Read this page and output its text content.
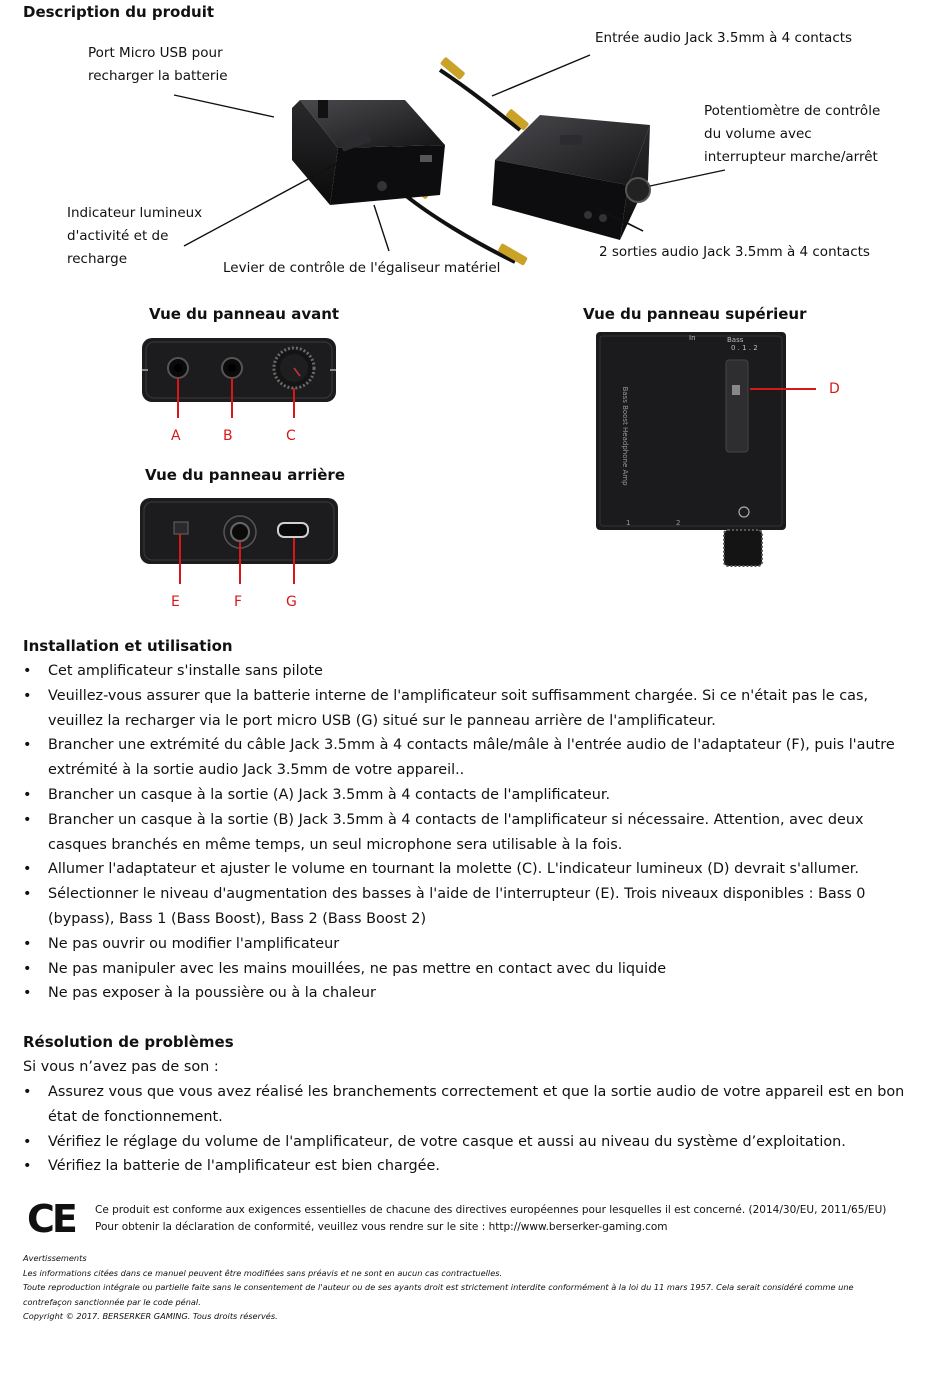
Description du produit
Port Micro USB pour
recharger la batterie
Entrée audio Jack 3.5mm à 4 contacts
Potentiomètre de contrôle
du volume avec
interrupteur marche/arrêt
Indicateur lumineux
d'activité et de
recharge
Levier de contrôle de l'égaliseur matériel
2 sorties audio Jack 3.5mm à 4 contacts
Vue du panneau avant
Vue du panneau arrière
Vue du panneau supérieur
A	B	C
E	F	G
Bass
0 . 1 . 2
In
Bass Boost Headphone Amp
1	2
D
Installation et utilisation
• Cet amplificateur s'installe sans pilote
• Veuillez-vous assurer que la batterie interne de l'amplificateur soit suffisamment chargée. Si ce n'était pas le cas,
veuillez la recharger via le port micro USB (G) situé sur le panneau arrière de l'amplificateur.
• Brancher une extrémité du câble Jack 3.5mm à 4 contacts mâle/mâle à l'entrée audio de l'adaptateur (F), puis l'autre
extrémité à la sortie audio Jack 3.5mm de votre appareil..
• Brancher un casque à la sortie (A) Jack 3.5mm à 4 contacts de l'amplificateur.
• Brancher un casque à la sortie (B) Jack 3.5mm à 4 contacts de l'amplificateur si nécessaire. Attention, avec deux
casques branchés en même temps, un seul microphone sera utilisable à la fois.
• Allumer l'adaptateur et ajuster le volume en tournant la molette (C). L'indicateur lumineux (D) devrait s'allumer.
• Sélectionner le niveau d'augmentation des basses à l'aide de l'interrupteur (E). Trois niveaux disponibles : Bass 0
(bypass), Bass 1 (Bass Boost), Bass 2 (Bass Boost 2)
• Ne pas ouvrir ou modifier l'amplificateur
• Ne pas manipuler avec les mains mouillées, ne pas mettre en contact avec du liquide
• Ne pas exposer à la poussière ou à la chaleur
Résolution de problèmes
Si vous n’avez pas de son :
• Assurez vous que vous avez réalisé les branchements correctement et que la sortie audio de votre appareil est en bon
état de fonctionnement.
• Vérifiez le réglage du volume de l'amplificateur, de votre casque et aussi au niveau du système d’exploitation.
• Vérifiez la batterie de l'amplificateur est bien chargée.
CE Ce produit est conforme aux exigences essentielles de chacune des directives européennes pour lesquelles il est concerné. (2014/30/EU, 2011/65/EU)
Pour obtenir la déclaration de conformité, veuillez vous rendre sur le site : http://www.berserker-gaming.com
Avertissements
Les informations citées dans ce manuel peuvent être modifiées sans préavis et ne sont en aucun cas contractuelles.
Toute reproduction intégrale ou partielle faite sans le consentement de l'auteur ou de ses ayants droit est strictement interdite conformément à la loi du 11 mars 1957. Cela serait considéré comme une
contrefaçon sanctionnée par le code pénal.
Copyright © 2017. BERSERKER GAMING. Tous droits réservés.
